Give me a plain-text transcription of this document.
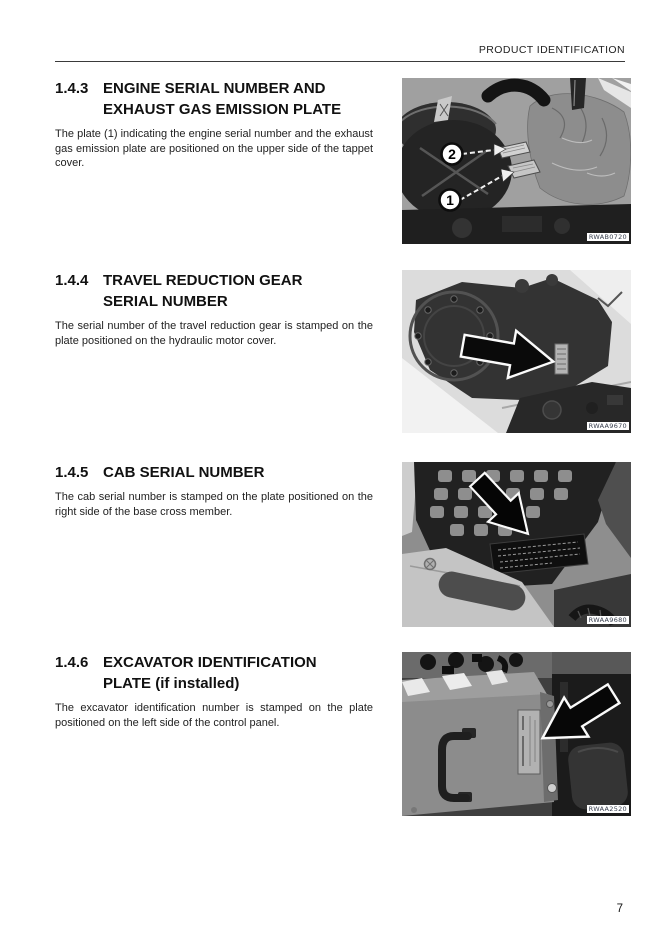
PRODUCT IDENTIFICATION
1.4.3 ENGINE SERIAL NUMBER AND
EXHAUST GAS EMISSION PLATE
The plate (1) indicating the engine serial number and the exhaust gas emission plate are positioned on the upper side of the tappet cover.
2
1
RWAB0720
1.4.4 TRAVEL REDUCTION GEAR
SERIAL NUMBER
The serial number of the travel reduction gear is stamped on the plate positioned on the hydraulic motor cover.
RWAA9670
1.4.5 CAB SERIAL NUMBER
The cab serial number is stamped on the plate positioned on the right side of the base cross member.
RWAA9680
1.4.6 EXCAVATOR IDENTIFICATION
PLATE (if installed)
The excavator identification number is stamped on the plate positioned on the left side of the control panel.
RWAA2520
7
